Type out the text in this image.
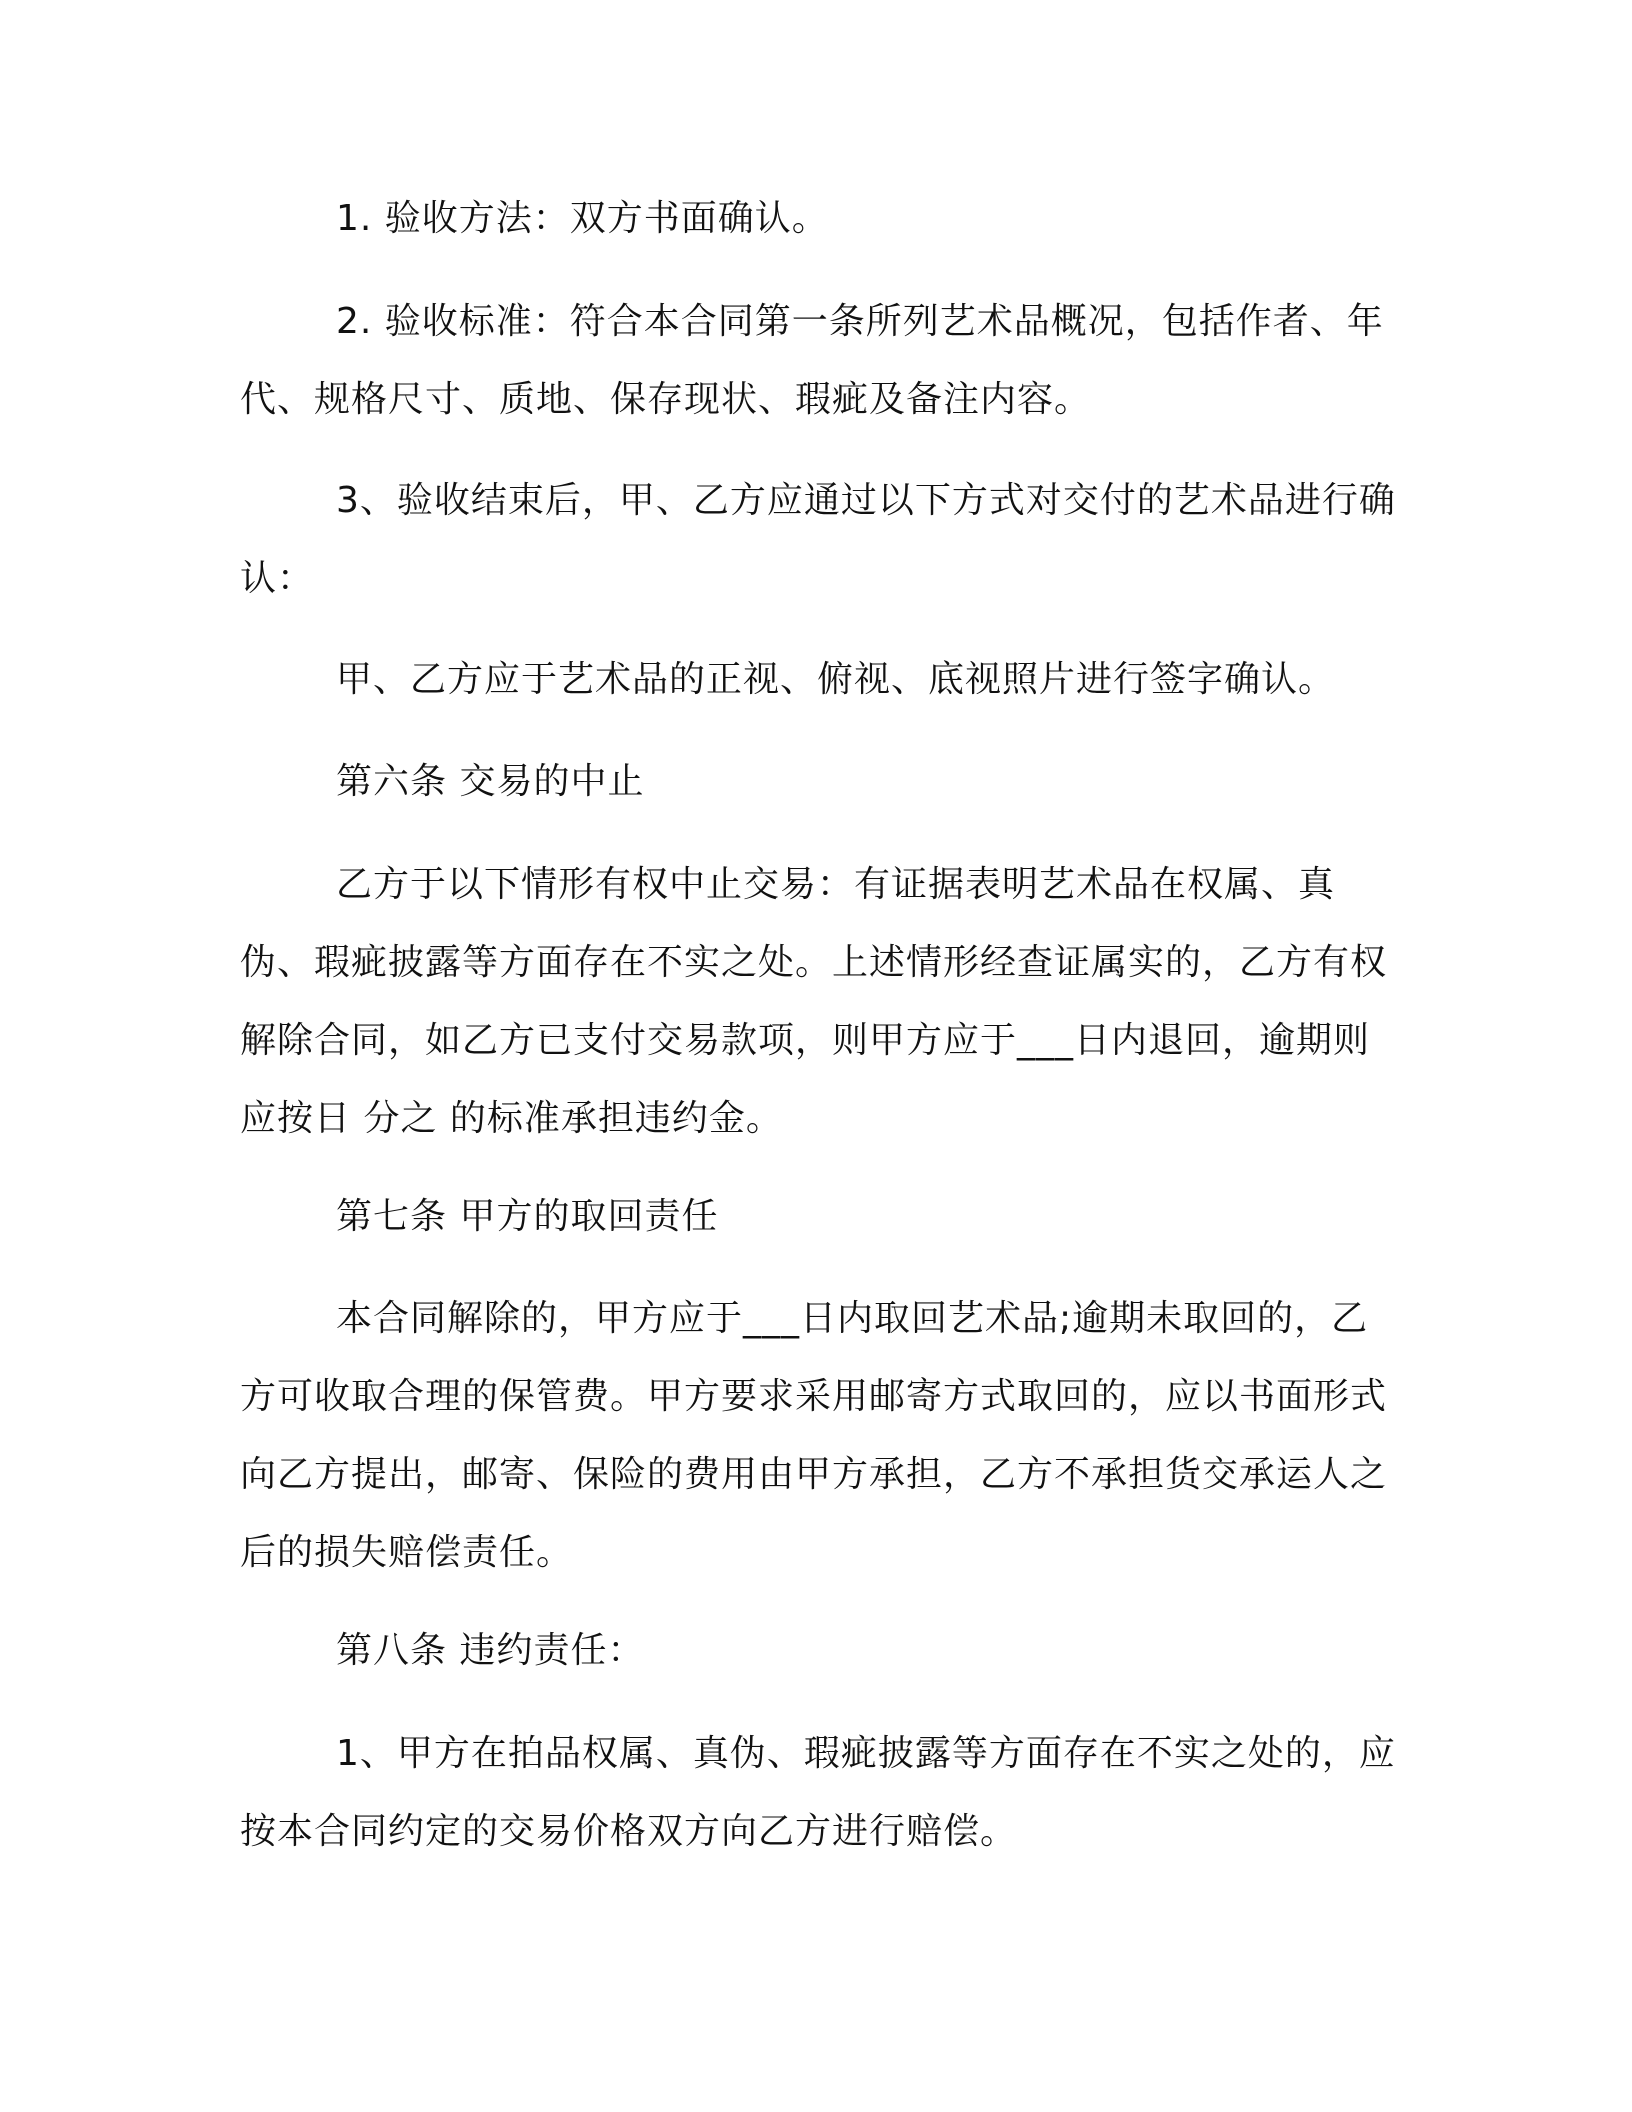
1. 验收方法：双方书面确认。

2. 验收标准：符合本合同第一条所列艺术品概况，包括作者、年代、规格尺寸、质地、保存现状、瑕疵及备注内容。

3、验收结束后，甲、乙方应通过以下方式对交付的艺术品进行确认：

甲、乙方应于艺术品的正视、俯视、底视照片进行签字确认。

第六条 交易的中止

乙方于以下情形有权中止交易：有证据表明艺术品在权属、真伪、瑕疵披露等方面存在不实之处。上述情形经查证属实的，乙方有权解除合同，如乙方已支付交易款项，则甲方应于___日内退回，逾期则应按日 分之 的标准承担违约金。

第七条 甲方的取回责任

本合同解除的，甲方应于___日内取回艺术品;逾期未取回的，乙方可收取合理的保管费。甲方要求采用邮寄方式取回的，应以书面形式向乙方提出，邮寄、保险的费用由甲方承担，乙方不承担货交承运人之后的损失赔偿责任。

第八条 违约责任：

1、甲方在拍品权属、真伪、瑕疵披露等方面存在不实之处的，应按本合同约定的交易价格双方向乙方进行赔偿。
